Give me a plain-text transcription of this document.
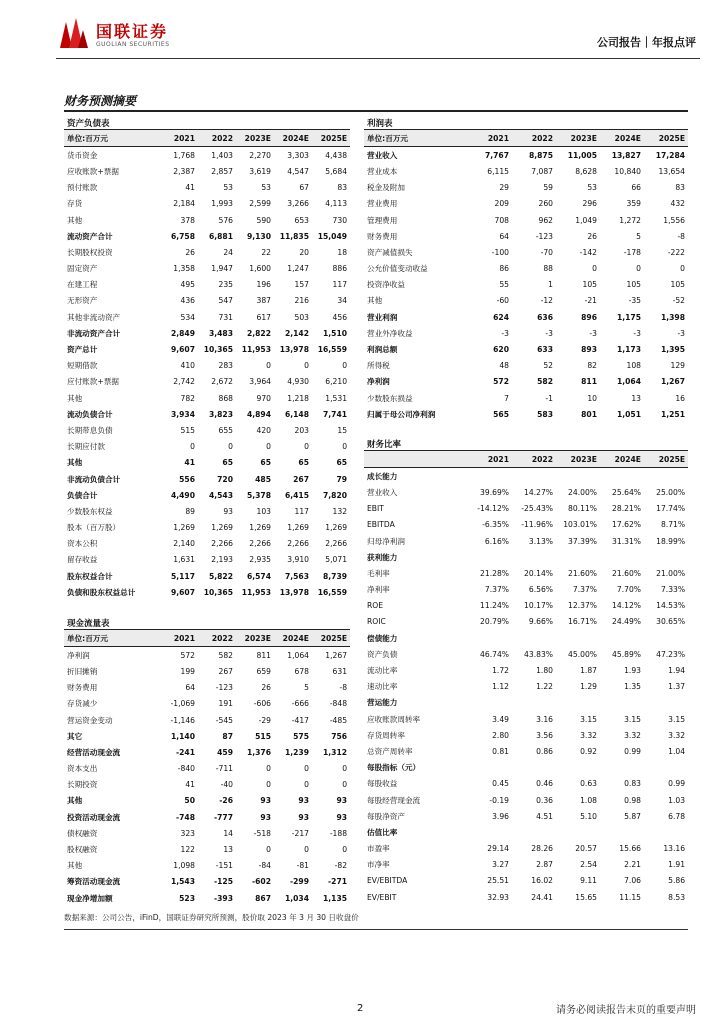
国联证券
GUOLIAN SECURITIES	公司报告｜年报点评
财务预测摘要
资产负债表					
单位:百万元	2021	2022	2023E	2024E	2025E
货币资金	1,768	1,403	2,270	3,303	4,438
应收账款+票据	2,387	2,857	3,619	4,547	5,684
预付账款	41	53	53	67	83
存货	2,184	1,993	2,599	3,266	4,113
其他	378	576	590	653	730
流动资产合计	6,758	6,881	9,130	11,835	15,049
长期股权投资	26	24	22	20	18
固定资产	1,358	1,947	1,600	1,247	886
在建工程	495	235	196	157	117
无形资产	436	547	387	216	34
其他非流动资产	534	731	617	503	456
非流动资产合计	2,849	3,483	2,822	2,142	1,510
资产总计	9,607	10,365	11,953	13,978	16,559
短期借款	410	283	0	0	0
应付账款+票据	2,742	2,672	3,964	4,930	6,210
其他	782	868	970	1,218	1,531
流动负债合计	3,934	3,823	4,894	6,148	7,741
长期带息负债	515	655	420	203	15
长期应付款	0	0	0	0	0
其他	41	65	65	65	65
非流动负债合计	556	720	485	267	79
负债合计	4,490	4,543	5,378	6,415	7,820
少数股东权益	89	93	103	117	132
股本（百万股）	1,269	1,269	1,269	1,269	1,269
资本公积	2,140	2,266	2,266	2,266	2,266
留存收益	1,631	2,193	2,935	3,910	5,071
股东权益合计	5,117	5,822	6,574	7,563	8,739
负债和股东权益总计	9,607	10,365	11,953	13,978	16,559
现金流量表					
单位:百万元	2021	2022	2023E	2024E	2025E
净利润	572	582	811	1,064	1,267
折旧摊销	199	267	659	678	631
财务费用	64	-123	26	5	-8
存货减少	-1,069	191	-606	-666	-848
营运资金变动	-1,146	-545	-29	-417	-485
其它	1,140	87	515	575	756
经营活动现金流	-241	459	1,376	1,239	1,312
资本支出	-840	-711	0	0	0
长期投资	41	-40	0	0	0
其他	50	-26	93	93	93
投资活动现金流	-748	-777	93	93	93
债权融资	323	14	-518	-217	-188
股权融资	122	13	0	0	0
其他	1,098	-151	-84	-81	-82
筹资活动现金流	1,543	-125	-602	-299	-271
现金净增加额	523	-393	867	1,034	1,135
利润表					
单位:百万元	2021	2022	2023E	2024E	2025E
营业收入	7,767	8,875	11,005	13,827	17,284
营业成本	6,115	7,087	8,628	10,840	13,654
税金及附加	29	59	53	66	83
营业费用	209	260	296	359	432
管理费用	708	962	1,049	1,272	1,556
财务费用	64	-123	26	5	-8
资产减值损失	-100	-70	-142	-178	-222
公允价值变动收益	86	88	0	0	0
投资净收益	55	1	105	105	105
其他	-60	-12	-21	-35	-52
营业利润	624	636	896	1,175	1,398
营业外净收益	-3	-3	-3	-3	-3
利润总额	620	633	893	1,173	1,395
所得税	48	52	82	108	129
净利润	572	582	811	1,064	1,267
少数股东损益	7	-1	10	13	16
归属于母公司净利润	565	583	801	1,051	1,251
财务比率					
	2021	2022	2023E	2024E	2025E
成长能力					
营业收入	39.69%	14.27%	24.00%	25.64%	25.00%
EBIT	-14.12%	-25.43%	80.11%	28.21%	17.74%
EBITDA	-6.35%	-11.96%	103.01%	17.62%	8.71%
归母净利润	6.16%	3.13%	37.39%	31.31%	18.99%
获利能力					
毛利率	21.28%	20.14%	21.60%	21.60%	21.00%
净利率	7.37%	6.56%	7.37%	7.70%	7.33%
ROE	11.24%	10.17%	12.37%	14.12%	14.53%
ROIC	20.79%	9.66%	16.71%	24.49%	30.65%
偿债能力					
资产负债	46.74%	43.83%	45.00%	45.89%	47.23%
流动比率	1.72	1.80	1.87	1.93	1.94
速动比率	1.12	1.22	1.29	1.35	1.37
营运能力					
应收账款周转率	3.49	3.16	3.15	3.15	3.15
存货周转率	2.80	3.56	3.32	3.32	3.32
总资产周转率	0.81	0.86	0.92	0.99	1.04
每股指标（元）					
每股收益	0.45	0.46	0.63	0.83	0.99
每股经营现金流	-0.19	0.36	1.08	0.98	1.03
每股净资产	3.96	4.51	5.10	5.87	6.78
估值比率					
市盈率	29.14	28.26	20.57	15.66	13.16
市净率	3.27	2.87	2.54	2.21	1.91
EV/EBITDA	25.51	16.02	9.11	7.06	5.86
EV/EBIT	32.93	24.41	15.65	11.15	8.53
数据来源：公司公告，iFinD，国联证券研究所预测，股价取 2023 年 3 月 30 日收盘价
2	请务必阅读报告末页的重要声明
